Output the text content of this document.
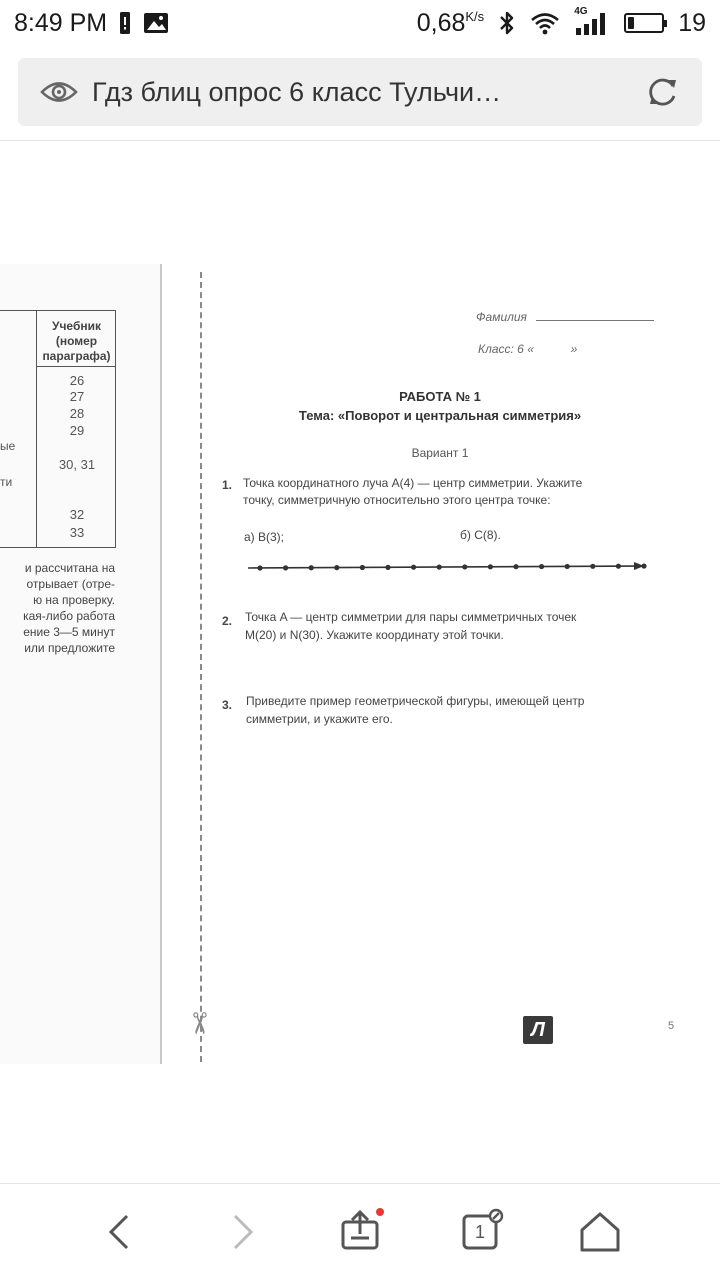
8:49 PM	$0,68^{K/s}$	4G	19
Гдз блиц опрос 6 класс Тульчи…
Учебник (номер параграфа)
26
27
28
29
30, 31
32
33
ые
ти
и рассчитана на
отрывает (отре-
ю на проверку.
кая-либо работа
ение 3—5 минут
или предложите
✂
Фамилия
Класс: 6 «	»
РАБОТА № 1
Тема: «Поворот и центральная симметрия»
Вариант 1
1. Точка координатного луча A(4) — центр симметрии. Укажите
точку, симметричную относительно этого центра точке:
а) B(3);	б) C(8).
2. Точка A — центр симметрии для пары симметричных точек
M(20) и N(30). Укажите координату этой точки.
3. Приведите пример геометрической фигуры, имеющей центр
симметрии, и укажите его.
Л	5
1
